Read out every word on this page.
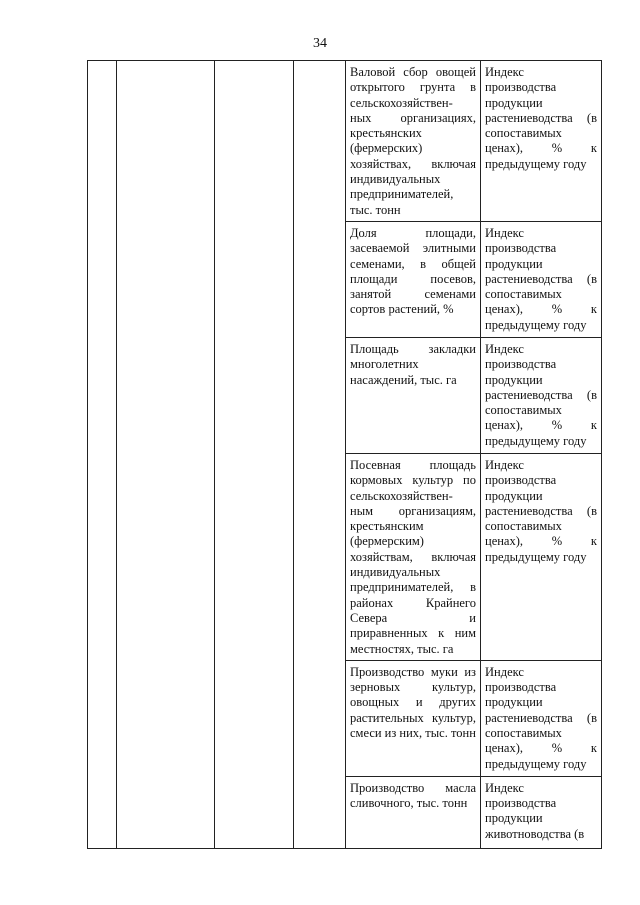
34
				Валовой сбор овощей открытого грунта в сельскохозяйствен- ных организациях, крестьянских (фермерских) хозяйствах, включая индивидуальных предпринимателей, тыс. тонн	Индекс производства продукции растениеводства (в сопоставимых ценах), % к предыдущему году
				Доля площади, засеваемой элитными семенами, в общей площади посевов, занятой семенами сортов растений, %	Индекс производства продукции растениеводства (в сопоставимых ценах), % к предыдущему году
				Площадь закладки многолетних насаждений, тыс. га	Индекс производства продукции растениеводства (в сопоставимых ценах), % к предыдущему году
				Посевная площадь кормовых культур по сельскохозяйствен- ным организациям, крестьянским (фермерским) хозяйствам, включая индивидуальных предпринимателей, в районах Крайнего Севера и приравненных к ним местностях, тыс. га	Индекс производства продукции растениеводства (в сопоставимых ценах), % к предыдущему году
				Производство муки из зерновых культур, овощных и других растительных культур, смеси из них, тыс. тонн	Индекс производства продукции растениеводства (в сопоставимых ценах), % к предыдущему году
				Производство масла сливочного, тыс. тонн	Индекс производства продукции животноводства (в
